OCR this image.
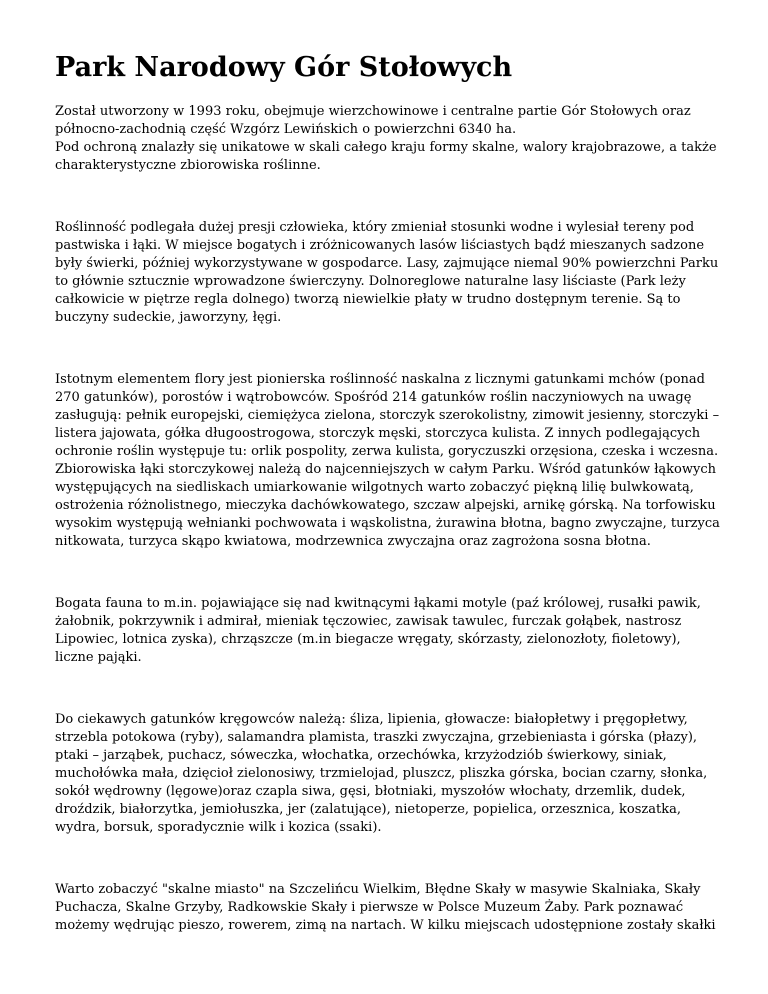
Park Narodowy Gór Stołowych

Został utworzony w 1993 roku, obejmuje wierzchowinowe i centralne partie Gór Stołowych oraz
północno-zachodnią część Wzgórz Lewińskich o powierzchni 6340 ha.
Pod ochroną znalazły się unikatowe w skali całego kraju formy skalne, walory krajobrazowe, a także
charakterystyczne zbiorowiska roślinne.

Roślinność podlegała dużej presji człowieka, który zmieniał stosunki wodne i wylesiał tereny pod
pastwiska i łąki. W miejsce bogatych i zróżnicowanych lasów liściastych bądź mieszanych sadzone
były świerki, później wykorzystywane w gospodarce. Lasy, zajmujące niemal 90% powierzchni Parku
to głównie sztucznie wprowadzone świerczyny. Dolnoreglowe naturalne lasy liściaste (Park leży
całkowicie w piętrze regla dolnego) tworzą niewielkie płaty w trudno dostępnym terenie. Są to
buczyny sudeckie, jaworzyny, łęgi.

Istotnym elementem flory jest pionierska roślinność naskalna z licznymi gatunkami mchów (ponad
270 gatunków), porostów i wątrobowców. Spośród 214 gatunków roślin naczyniowych na uwagę
zasługują: pełnik europejski, ciemiężyca zielona, storczyk szerokolistny, zimowit jesienny, storczyki –
listera jajowata, gółka długoostrogowa, storczyk męski, storczyca kulista. Z innych podlegających
ochronie roślin występuje tu: orlik pospolity, zerwa kulista, goryczuszki orzęsiona, czeska i wczesna.
Zbiorowiska łąki storczykowej należą do najcenniejszych w całym Parku. Wśród gatunków łąkowych
występujących na siedliskach umiarkowanie wilgotnych warto zobaczyć piękną lilię bulwkowatą,
ostrożenia różnolistnego, mieczyka dachówkowatego, szczaw alpejski, arnikę górską. Na torfowisku
wysokim występują wełnianki pochwowata i wąskolistna, żurawina błotna, bagno zwyczajne, turzyca
nitkowata, turzyca skąpo kwiatowa, modrzewnica zwyczajna oraz zagrożona sosna błotna.

Bogata fauna to m.in. pojawiające się nad kwitnącymi łąkami motyle (paź królowej, rusałki pawik,
żałobnik, pokrzywnik i admirał, mieniak tęczowiec, zawisak tawulec, furczak gołąbek, nastrosz
Lipowiec, lotnica zyska), chrząszcze (m.in biegacze wręgaty, skórzasty, zielonozłoty, fioletowy),
liczne pająki.

Do ciekawych gatunków kręgowców należą: śliza, lipienia, głowacze: białopłetwy i pręgopłetwy,
strzebla potokowa (ryby), salamandra plamista, traszki zwyczajna, grzebieniasta i górska (płazy),
ptaki – jarząbek, puchacz, sóweczka, włochatka, orzechówka, krzyżodziób świerkowy, siniak,
muchołówka mała, dzięcioł zielonosiwy, trzmielojad, pluszcz, pliszka górska, bocian czarny, słonka,
sokół wędrowny (lęgowe)oraz czapla siwa, gęsi, błotniaki, myszołów włochaty, drzemlik, dudek,
droździk, białorzytka, jemiołuszka, jer (zalatujące), nietoperze, popielica, orzesznica, koszatka,
wydra, borsuk, sporadycznie wilk i kozica (ssaki).

Warto zobaczyć "skalne miasto" na Szczelińcu Wielkim, Błędne Skały w masywie Skalniaka, Skały
Puchacza, Skalne Grzyby, Radkowskie Skały i pierwsze w Polsce Muzeum Żaby. Park poznawać
możemy wędrując pieszo, rowerem, zimą na nartach. W kilku miejscach udostępnione zostały skałki
